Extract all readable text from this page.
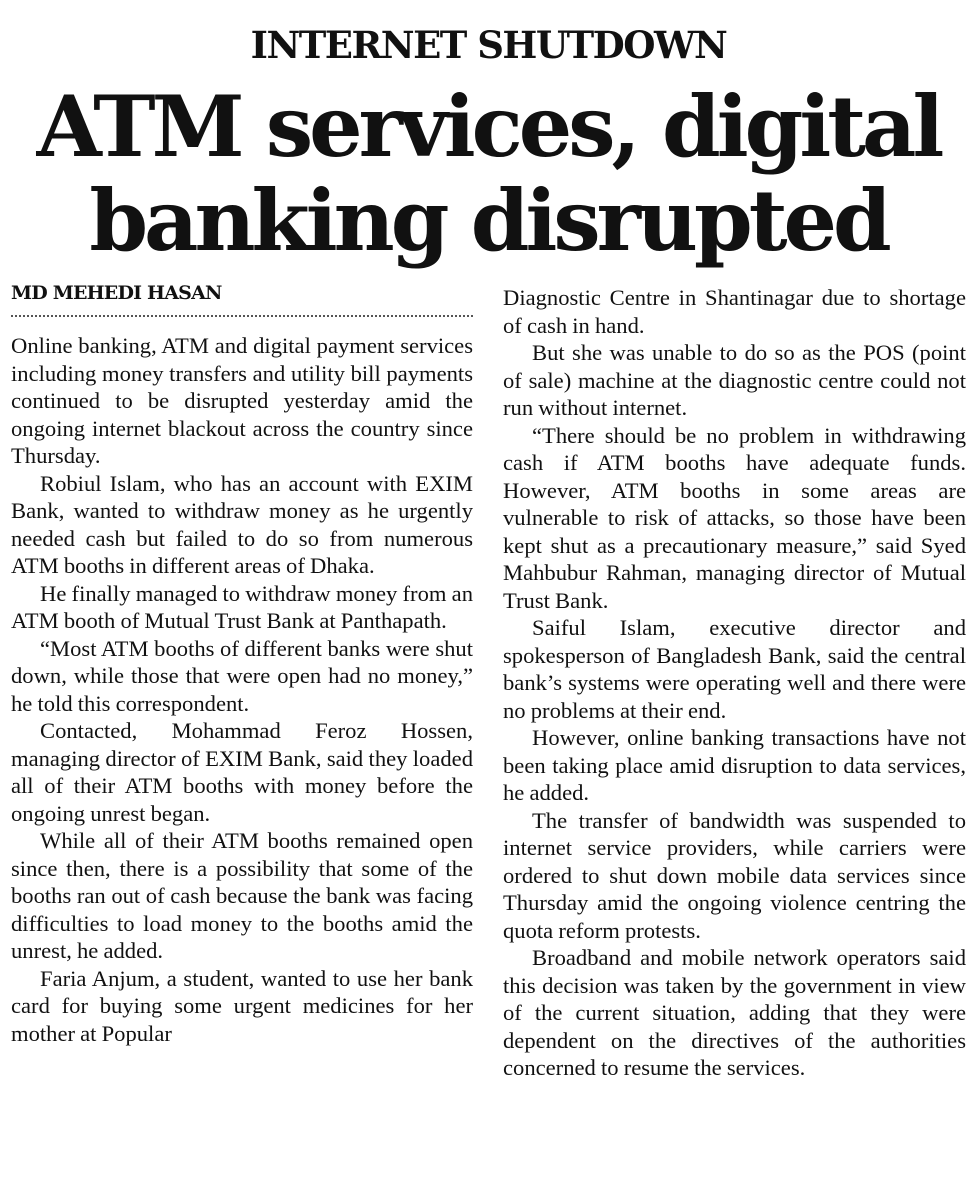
INTERNET SHUTDOWN
ATM services, digital
banking disrupted
MD MEHEDI HASAN

Online banking, ATM and digital payment services including money transfers and utility bill payments continued to be disrupted yesterday amid the ongoing internet blackout across the country since Thursday.

Robiul Islam, who has an account with EXIM Bank, wanted to withdraw money as he urgently needed cash but failed to do so from numerous ATM booths in different areas of Dhaka.

He finally managed to withdraw money from an ATM booth of Mutual Trust Bank at Panthapath.

“Most ATM booths of different banks were shut down, while those that were open had no money,” he told this correspondent.

Contacted, Mohammad Feroz Hossen, managing director of EXIM Bank, said they loaded all of their ATM booths with money before the ongoing unrest began.

While all of their ATM booths remained open since then, there is a possibility that some of the booths ran out of cash because the bank was facing difficulties to load money to the booths amid the unrest, he added.

Faria Anjum, a student, wanted to use her bank card for buying some urgent medicines for her mother at Popular

Diagnostic Centre in Shantinagar due to shortage of cash in hand.

But she was unable to do so as the POS (point of sale) machine at the diagnostic centre could not run without internet.

“There should be no problem in withdrawing cash if ATM booths have adequate funds. However, ATM booths in some areas are vulnerable to risk of attacks, so those have been kept shut as a precautionary measure,” said Syed Mahbubur Rahman, managing director of Mutual Trust Bank.

Saiful Islam, executive director and spokesperson of Bangladesh Bank, said the central bank’s systems were operating well and there were no problems at their end.

However, online banking transactions have not been taking place amid disruption to data services, he added.

The transfer of bandwidth was suspended to internet service providers, while carriers were ordered to shut down mobile data services since Thursday amid the ongoing violence centring the quota reform protests.

Broadband and mobile network operators said this decision was taken by the government in view of the current situation, adding that they were dependent on the directives of the authorities concerned to resume the services.
